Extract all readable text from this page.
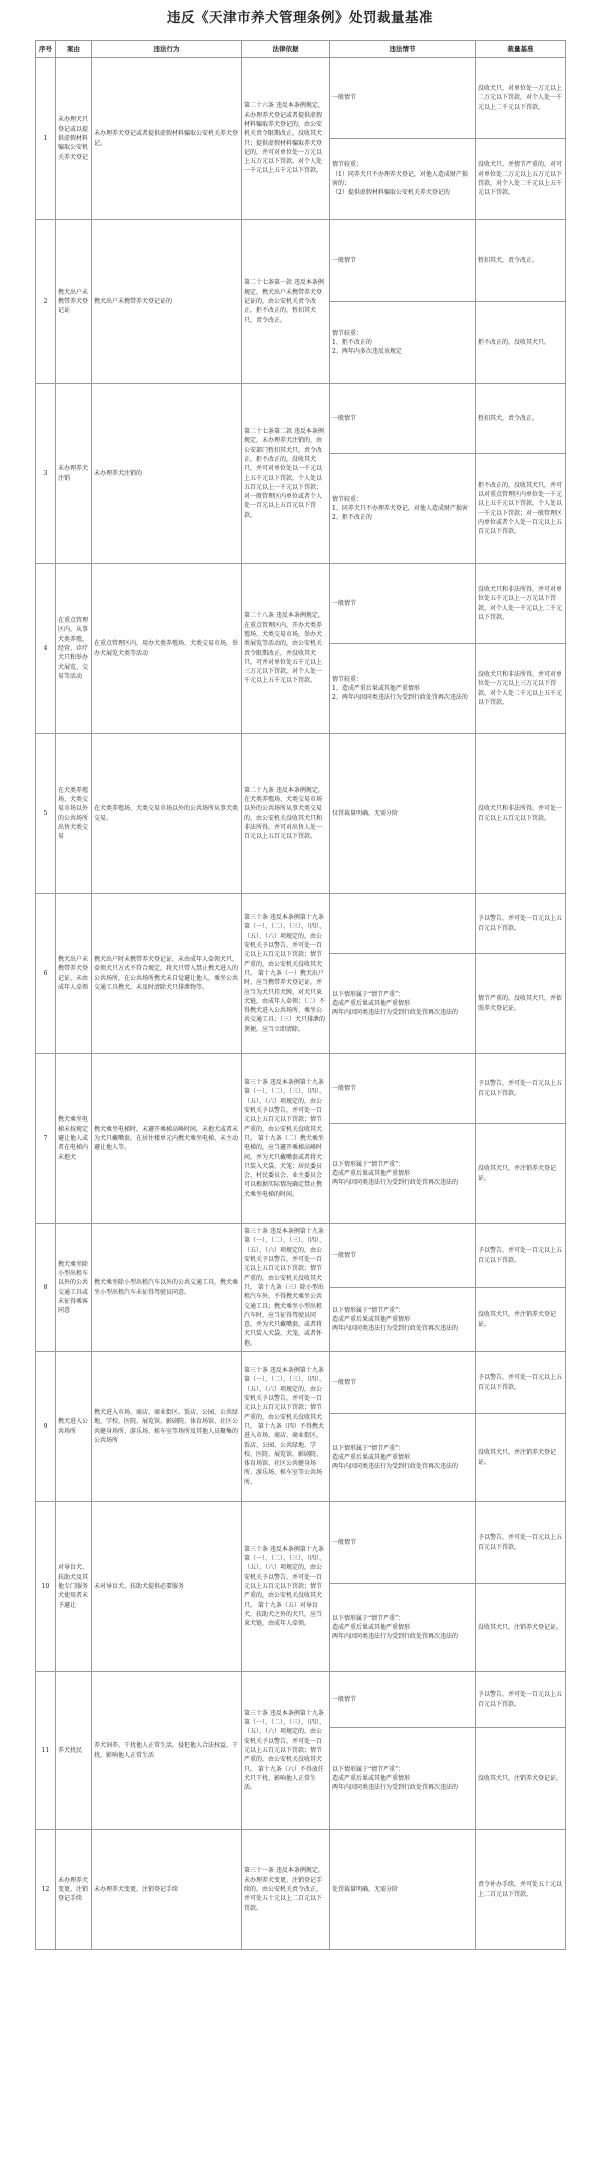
违反《天津市养犬管理条例》处罚裁量基准
序号	案由	违法行为	法律依据	违法情节	裁量基准
1	未办理犬只登记或以提供虚假材料骗取公安机关养犬登记	未办理养犬登记或者提供虚假材料骗取公安机关养犬登记。	第二十六条 违反本条例规定，未办理养犬登记或者提供虚假材料骗取养犬登记的，由公安机关责令限期改正，没收其犬只；提供虚假材料骗取养犬登记的，并可对单位处一万元以上五万元以下罚款，对个人处一千元以上五千元以下罚款。	一般情节	没收犬只，对单位处一万元以上二万元以下罚款，对个人处一千元以上二千元以下罚款。
				情节较重：
（1）同养犬只不办理养犬登记，对他人造成财产损害的；
（2）提供虚假材料骗取公安机关养犬登记的	没收犬只，并情节严重的，对可对单位处二万元以上五万元以下罚款，对个人处二千元以上五千元以下罚款。
2	携犬出户未携带养犬登记证	携犬出户未携带养犬登记证的	第二十七条第一款 违反本条例规定，携犬出户未携带养犬登记证的，由公安机关责令改正，拒不改正的，暂扣其犬只，责令改正。	一般情节	暂扣其犬，责令改正。
				情节较重：
1、拒不改正的
2、两年内多次违反该规定	拒不改正的，没收其犬只。
3	未办理养犬注销	未办理养犬注销的	第二十七条第二款 违反本条例规定，未办理养犬注销的，由公安部门暂扣其犬只，责令改正，拒不改正的，没收其犬只，并可对单位处以一千元以上五千元以下罚款，个人处以五百元以上一千元以下罚款；对一般管理区内单位或者个人处一百元以上五百元以下罚款。	一般情节	暂扣其犬，责令改正。
				情节较重：
1、同养犬只不办理养犬登记，对他人造成财产损害
2、拒不改正的	拒不改正的，没收其犬只，并可以对重点管理区内单位处一千元以上五千元以下罚款，个人处以一千元以下罚款；对一般管理区内单位或者个人处一百元以上五百元以下罚款。
4	在重点管理区内，从事犬类养殖，经营、诊疗犬只和举办犬展览、交易等活动	在重点管理区内，用办犬类养殖场、犬类交易市场，举办犬展览犬类等活动	第二十八条 违反本条例规定，在重点管理区内，开办犬类养殖场、犬类交易市场，举办犬类展览等活动的，由公安机关责令限期改正，并没收其犬只，可并对单位处五千元以上三万元以下罚款，对个人处一千元以上五千元以下罚款。	一般情节	没收犬只和非法所得，并可对单位处五千元以上一万元以下罚款，对个人处一千元以上二千元以下罚款。
				情节较重：
1、造成严重后果或其他严重情形
2、两年内因同类违法行为受到行政处罚再次违法的	没收犬只和非法所得，并可对单位处一万元以上三万元以下罚款，对个人处二千元以上五千元以下罚款。
5	在犬类养殖场、犬类交易市场以外的公共场所出售犬类交易	在犬类养殖场、犬类交易市场以外的公共场所从事犬类交易。	第二十九条 违反本条例规定，在犬类养殖场、犬类交易市场以外的公共场所从事犬类交易的，由公安机关没收其犬只和非法所得，并可对出售人处一百元以上五百元以下罚款。	仅罚裁量明确，无需分阶	没收犬只和非法所得，并可处一百元以上五百元以下罚款。
6	携犬出户未携带养犬登记证、未由成年人牵领	携犬出户时未携带养犬登记证，未由成年人牵领犬只，牵领犬只方式不符合规定，将犬只带入禁止携犬进入的公共场所，在公共场所携犬未自觉避让他人，乘坐公共交通工具携犬，未及时清除犬只排泄物等。	第三十条 违反本条例第十九条第（一）、（二）、（三）、（四）、（五）、（六）项规定的，由公安机关予以警告，并可处一百元以上五百元以下罚款；情节严重的，由公安机关没收其犬只。 第十九条（一）携犬出户时，应当携带养犬登记证，并应当为犬只挂犬牌，对犬只束犬链，由成年人牵领；（二）不得携犬进入公共场所、乘坐公共交通工具；（三）犬只排泄的粪便，应当立即清除。		予以警告，并可处一百元以上五百元以下罚款。
				以下情形属于“情节严重”：
造成严重后果或其他严重情形
两年内因同类违法行为受到行政处罚再次违法的	情节严重的，没收其犬只，并依照养犬登记证。
7	携犬乘坐电梯未按规定避让他人或者在电梯内未抱犬	携犬乘坐电梯时，未避开乘梯高峰时间，未抱犬或者未为犬只戴嘴套，在居住楼单元内携犬乘坐电梯，未主动避让他人等。	第三十条 违反本条例第十九条第（一）、（二）、（三）、（四）、（五）、（六）项规定的，由公安机关予以警告，并可处一百元以上五百元以下罚款；情节严重的，由公安机关没收其犬只。 第十九条（二）携犬乘坐电梯的，应当避开乘梯高峰时间，并为犬只戴嘴套或者将犬只装入犬袋、犬笼；居民委员会、村民委员会、业主委员会可以根据实际情况确定禁止携犬乘坐电梯的时间。	一般情节	予以警告，并可处一百元以上五百元以下罚款。
				以下情形属于“情节严重”：
造成严重后果或其他严重情形
两年内因同类违法行为受到行政处罚再次违法的	没收其犬只，并注销养犬登记证。
8	携犬乘坐除小型出租车以外的公共交通工具或未征得乘客同意	携犬乘坐除小型出租汽车以外的公共交通工具，携犬乘坐小型出租汽车未征得驾驶员同意。	第三十条 违反本条例第十九条第（一）、（二）、（三）、（四）、（五）、（六）项规定的，由公安机关予以警告，并可处一百元以上五百元以下罚款；情节严重的，由公安机关没收其犬只。 第十九条（三）除小型出租汽车外，不得携犬乘坐公共交通工具；携犬乘坐小型出租汽车时，应当征得驾驶员同意，并为犬只戴嘴套，或者将犬只装入犬袋、犬笼，或者怀抱。	一般情节	予以警告，并可处一百元以上五百元以下罚款。
				以下情形属于“情节严重”：
造成严重后果或其他严重情形
两年内因同类违法行为受到行政处罚再次违法的	没收其犬只，并注销养犬登记证。
9	携犬进入公共场所	携犬进入市场、商店、商业街区、饭店、公园、公共绿地、学校、医院、展览馆、影剧院、体育场馆、社区公共健身场所、游乐场、候车室等场所及其他人员聚集的公共场所	第三十条 违反本条例第十九条第（一）、（二）、（三）、（四）、（五）、（六）项规定的，由公安机关予以警告，并可处一百元以上五百元以下罚款；情节严重的，由公安机关没收其犬只。 第十九条（四）不得携犬进入市场、商店、商业街区、饭店、公园、公共绿地、学校、医院、展览馆、影剧院、体育场馆、社区公共健身场所、游乐场、候车室等公共场所。	一般情节	予以警告，并可处一百元以上五百元以下罚款。
				以下情形属于“情节严重”：
造成严重后果或其他严重情形
两年内因同类违法行为受到行政处罚再次违法的	没收其犬只，并注销养犬登记证。
10	对导盲犬、扶助犬及其他专门服务犬使用者未予避让	未对导盲犬、扶助犬提供必要服务	第三十条 违反本条例第十九条第（一）、（二）、（三）、（四）、（五）、（六）项规定的，由公安机关予以警告，并可处一百元以上五百元以下罚款；情节严重的，由公安机关没收其犬只。 第十九条（五）对导盲犬、扶助犬之外的犬只，应当束犬链，由成年人牵领。	一般情节	予以警告，并可处一百元以上五百元以下罚款。
				以下情形属于“情节严重”：
造成严重后果或其他严重情形
两年内因同类违法行为受到行政处罚再次违法的	没收其犬只，注销养犬登记证。
11	养犬扰民	养犬饲养，干扰他人正常生活，侵犯他人合法权益，干扰、影响他人正常生活	第三十条 违反本条例第十九条第（一）、（二）、（三）、（四）、（五）、（六）项规定的，由公安机关予以警告，并可处一百元以上五百元以下罚款；情节严重的，由公安机关没收其犬只。 第十九条（六）不得放任犬只干扰、影响他人正常生活。	一般情节	予以警告，并可处一百元以上五百元以下罚款。
				以下情形属于“情节严重”：
造成严重后果或其他严重情形
两年内因同类违法行为受到行政处罚再次违法的	没收其犬只，注销养犬登记证。
12	未办理养犬变更、注销登记手续	未办理养犬变更、注销登记手续	第三十一条 违反本条例规定，未办理养犬变更、注销登记手续的，由公安机关责令改正，并可处五十元以上二百元以下罚款。	处罚裁量明确，无需分阶	责令补办手续，并可处五十元以上二百元以下罚款。
